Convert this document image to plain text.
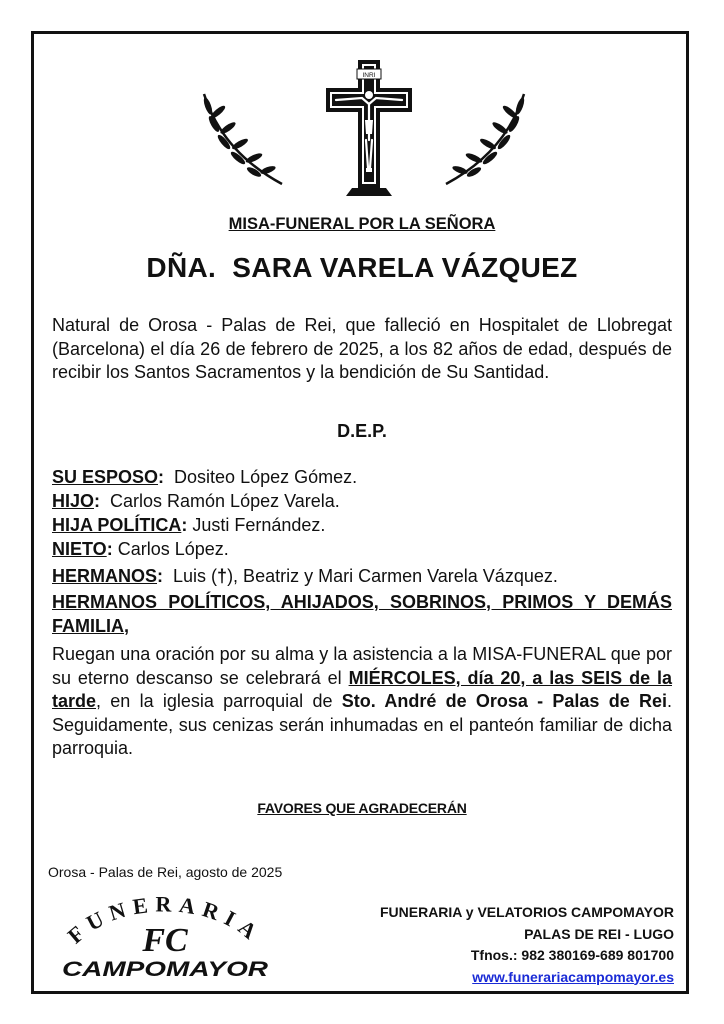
INRI
MISA-FUNERAL POR LA SEÑORA
DÑA.  SARA VARELA VÁZQUEZ
Natural de Orosa - Palas de Rei, que falleció en Hospitalet de Llobregat (Barcelona) el día 26 de febrero de 2025, a los 82 años de edad, después de recibir los Santos Sacramentos y la bendición de Su Santidad.
D.E.P.
SU ESPOSO:  Dositeo López Gómez.
HIJO:  Carlos Ramón López Varela.
HIJA POLÍTICA: Justi Fernández.
NIETO: Carlos López.
HERMANOS:  Luis (†), Beatriz y Mari Carmen Varela Vázquez.
HERMANOS POLÍTICOS, AHIJADOS, SOBRINOS, PRIMOS Y DEMÁS
FAMILIA,
Ruegan una oración por su alma y la asistencia a la MISA-FUNERAL que por su eterno descanso se celebrará el MIÉRCOLES, día 20, a las SEIS de la tarde, en la iglesia parroquial de Sto. André de Orosa - Palas de Rei. Seguidamente, sus cenizas serán inhumadas en el panteón familiar de dicha parroquia.
FAVORES QUE AGRADECERÁN
Orosa - Palas de Rei, agosto de 2025
FUNERARIA
FC
CAMPOMAYOR
FUNERARIA y VELATORIOS CAMPOMAYOR
PALAS DE REI - LUGO
Tfnos.: 982 380169-689 801700
www.funerariacampomayor.es
